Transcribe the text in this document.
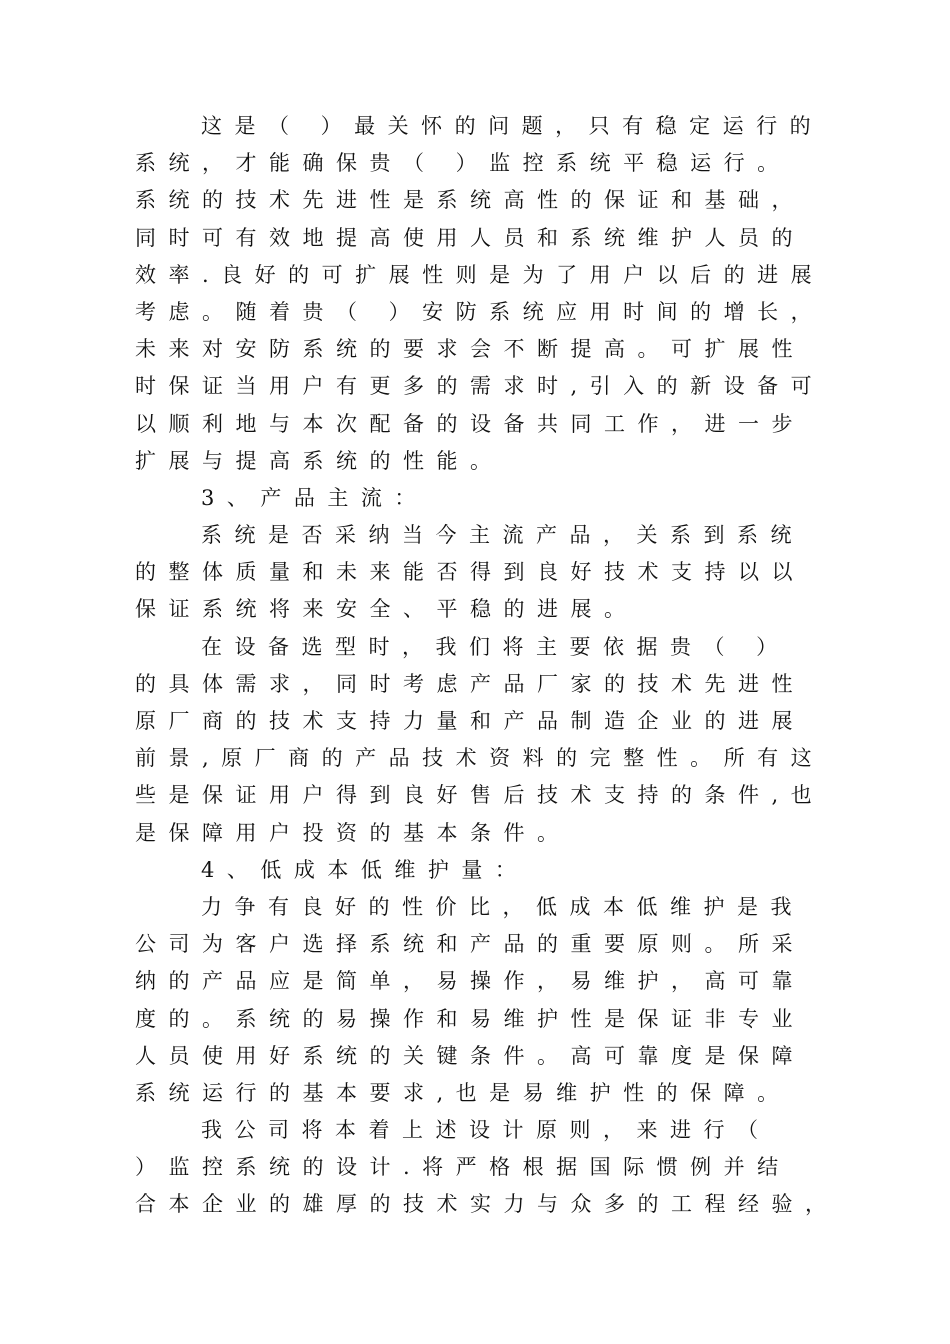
这是（ ）最关怀的问题，只有稳定运行的
系统，才能确保贵（ ）监控系统平稳运行。
系统的技术先进性是系统高性的保证和基础，
同时可有效地提高使用人员和系统维护人员的
效率.良好的可扩展性则是为了用户以后的进展
考虑。随着贵（ ）安防系统应用时间的增长，
未来对安防系统的要求会不断提高。可扩展性
时保证当用户有更多的需求时,引入的新设备可
以顺利地与本次配备的设备共同工作，进一步
扩展与提高系统的性能。
3、产品主流：
系统是否采纳当今主流产品，关系到系统
的整体质量和未来能否得到良好技术支持以以
保证系统将来安全、平稳的进展。
在设备选型时，我们将主要依据贵（ ）
的具体需求，同时考虑产品厂家的技术先进性
原厂商的技术支持力量和产品制造企业的进展
前景,原厂商的产品技术资料的完整性。所有这
些是保证用户得到良好售后技术支持的条件,也
是保障用户投资的基本条件。
4、低成本低维护量：
力争有良好的性价比，低成本低维护是我
公司为客户选择系统和产品的重要原则。所采
纳的产品应是简单，易操作，易维护，高可靠
度的。系统的易操作和易维护性是保证非专业
人员使用好系统的关键条件。高可靠度是保障
系统运行的基本要求,也是易维护性的保障。
我公司将本着上述设计原则，来进行（
）监控系统的设计.将严格根据国际惯例并结
合本企业的雄厚的技术实力与众多的工程经验，
